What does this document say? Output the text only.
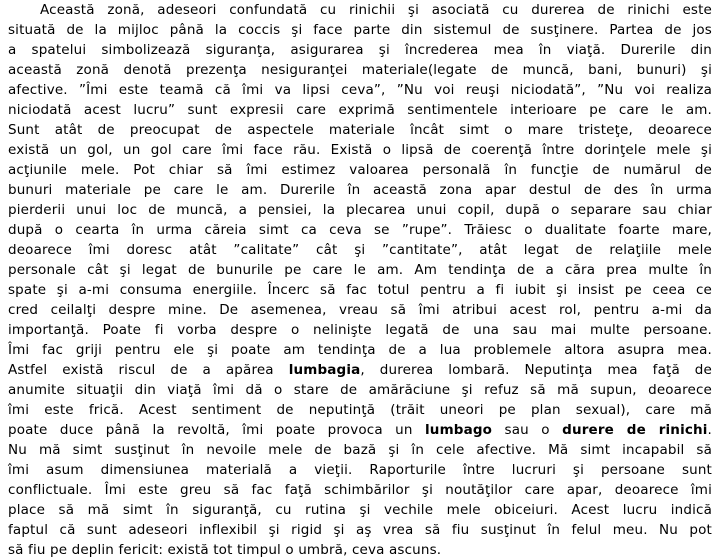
Această zonă, adeseori confundată cu rinichii şi asociată cu durerea de rinichi este
situată de la mijloc până la coccis şi face parte din sistemul de susţinere. Partea de jos
a spatelui simbolizează siguranţa, asigurarea şi încrederea mea în viaţă. Durerile din
această zonă denotă prezenţa nesiguranţei materiale(legate de muncă, bani, bunuri) şi
afective. ”Îmi este teamă că îmi va lipsi ceva”, ”Nu voi reuşi niciodată”, ”Nu voi realiza
niciodată acest lucru” sunt expresii care exprimă sentimentele interioare pe care le am.
Sunt atât de preocupat de aspectele materiale încât simt o mare tristeţe, deoarece
există un gol, un gol care îmi face rău. Există o lipsă de coerenţă între dorinţele mele şi
acţiunile mele. Pot chiar să îmi estimez valoarea personală în funcţie de numărul de
bunuri materiale pe care le am. Durerile în această zona apar destul de des în urma
pierderii unui loc de muncă, a pensiei, la plecarea unui copil, după o separare sau chiar
după o cearta în urma căreia simt ca ceva se ”rupe”. Trăiesc o dualitate foarte mare,
deoarece îmi doresc atât ”calitate” cât şi ”cantitate”, atât legat de relaţiile mele
personale cât şi legat de bunurile pe care le am. Am tendinţa de a căra prea multe în
spate şi a-mi consuma energiile. Încerc să fac totul pentru a fi iubit şi insist pe ceea ce
cred ceilalţi despre mine. De asemenea, vreau să îmi atribui acest rol, pentru a-mi da
importanţă. Poate fi vorba despre o nelinişte legată de una sau mai multe persoane.
Îmi fac griji pentru ele şi poate am tendinţa de a lua problemele altora asupra mea.
Astfel există riscul de a apărea lumbagia, durerea lombară. Neputinţa mea faţă de
anumite situaţii din viaţă îmi dă o stare de amărăciune şi refuz să mă supun, deoarece
îmi este frică. Acest sentiment de neputinţă (trăit uneori pe plan sexual), care mă
poate duce până la revoltă, îmi poate provoca un lumbago sau o durere de rinichi.
Nu mă simt susţinut în nevoile mele de bază şi în cele afective. Mă simt incapabil să
îmi asum dimensiunea materială a vieţii. Raporturile între lucruri şi persoane sunt
conflictuale. Îmi este greu să fac faţă schimbărilor şi noutăţilor care apar, deoarece îmi
place să mă simt în siguranţă, cu rutina şi vechile mele obiceiuri. Acest lucru indică
faptul că sunt adeseori inflexibil şi rigid şi aş vrea să fiu susţinut în felul meu. Nu pot
să fiu pe deplin fericit: există tot timpul o umbră, ceva ascuns.
